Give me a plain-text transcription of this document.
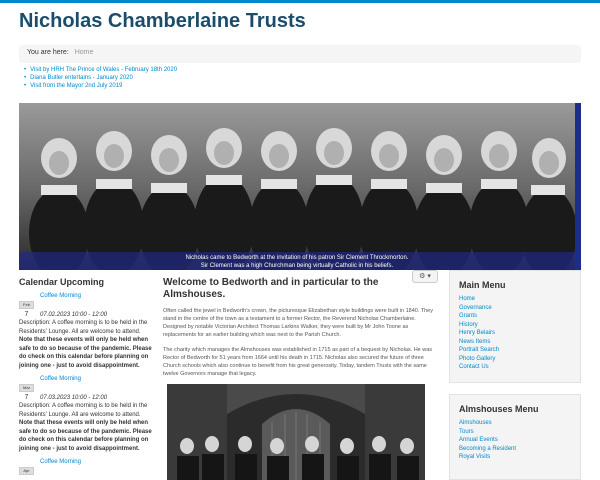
Nicholas Chamberlaine Trusts
You are here: Home
• Visit by HRH The Prince of Wales - February 18th 2020
• Diana Butler entertains - January 2020
• Visit from the Mayor 2nd July 2019
Nicholas came to Bedworth at the invitation of his patron Sir Clement Throckmorton.
Sir Clement was a high Churchman being virtually Catholic in his beliefs.
Calendar Upcoming
Feb
Coffee Morning
7	07.02.2023 10:00 - 12:00
Description: A coffee morning is to be held in the Residents' Lounge. All are welcome to attend. Note that these events will only be held when safe to do so because of the pandemic. Please do check on this calendar before planning on joining one - just to avoid disappointment.
Mar
Coffee Morning
7	07.03.2023 10:00 - 12:00
Description: A coffee morning is to be held in the Residents' Lounge. All are welcome to attend. Note that these events will only be held when safe to do so because of the pandemic. Please do check on this calendar before planning on joining one - just to avoid disappointment.
Apr
Coffee Morning
⚙ ▾
Welcome to Bedworth and in particular to the Almshouses.

Often called the jewel in Bedworth's crown, the picturesque Elizabethan style buildings were built in 1840. They stand in the centre of the town as a testament to a former Rector, the Reverend Nicholas Chamberlaine. Designed by notable Victorian Architect Thomas Larkins Walker, they were built by Mr John Toone as replacements for an earlier building which was next to the Parish Church.

The charity which manages the Almshouses was established in 1715 as part of a bequest by Nicholas. He was Rector of Bedworth for 51 years from 1664 until his death in 1715. Nicholas also secured the future of three Church schools which also continue to benefit from his great generosity. Today, tandem Trusts with the same twelve Governors manage that legacy.

Main Menu
Home
Governance
Grants
History
Henry Belairs
News Items
Portrait Search
Photo Gallery
Contact Us
Almshouses Menu
Almshouses
Tours
Annual Events
Becoming a Resident
Royal Visits
